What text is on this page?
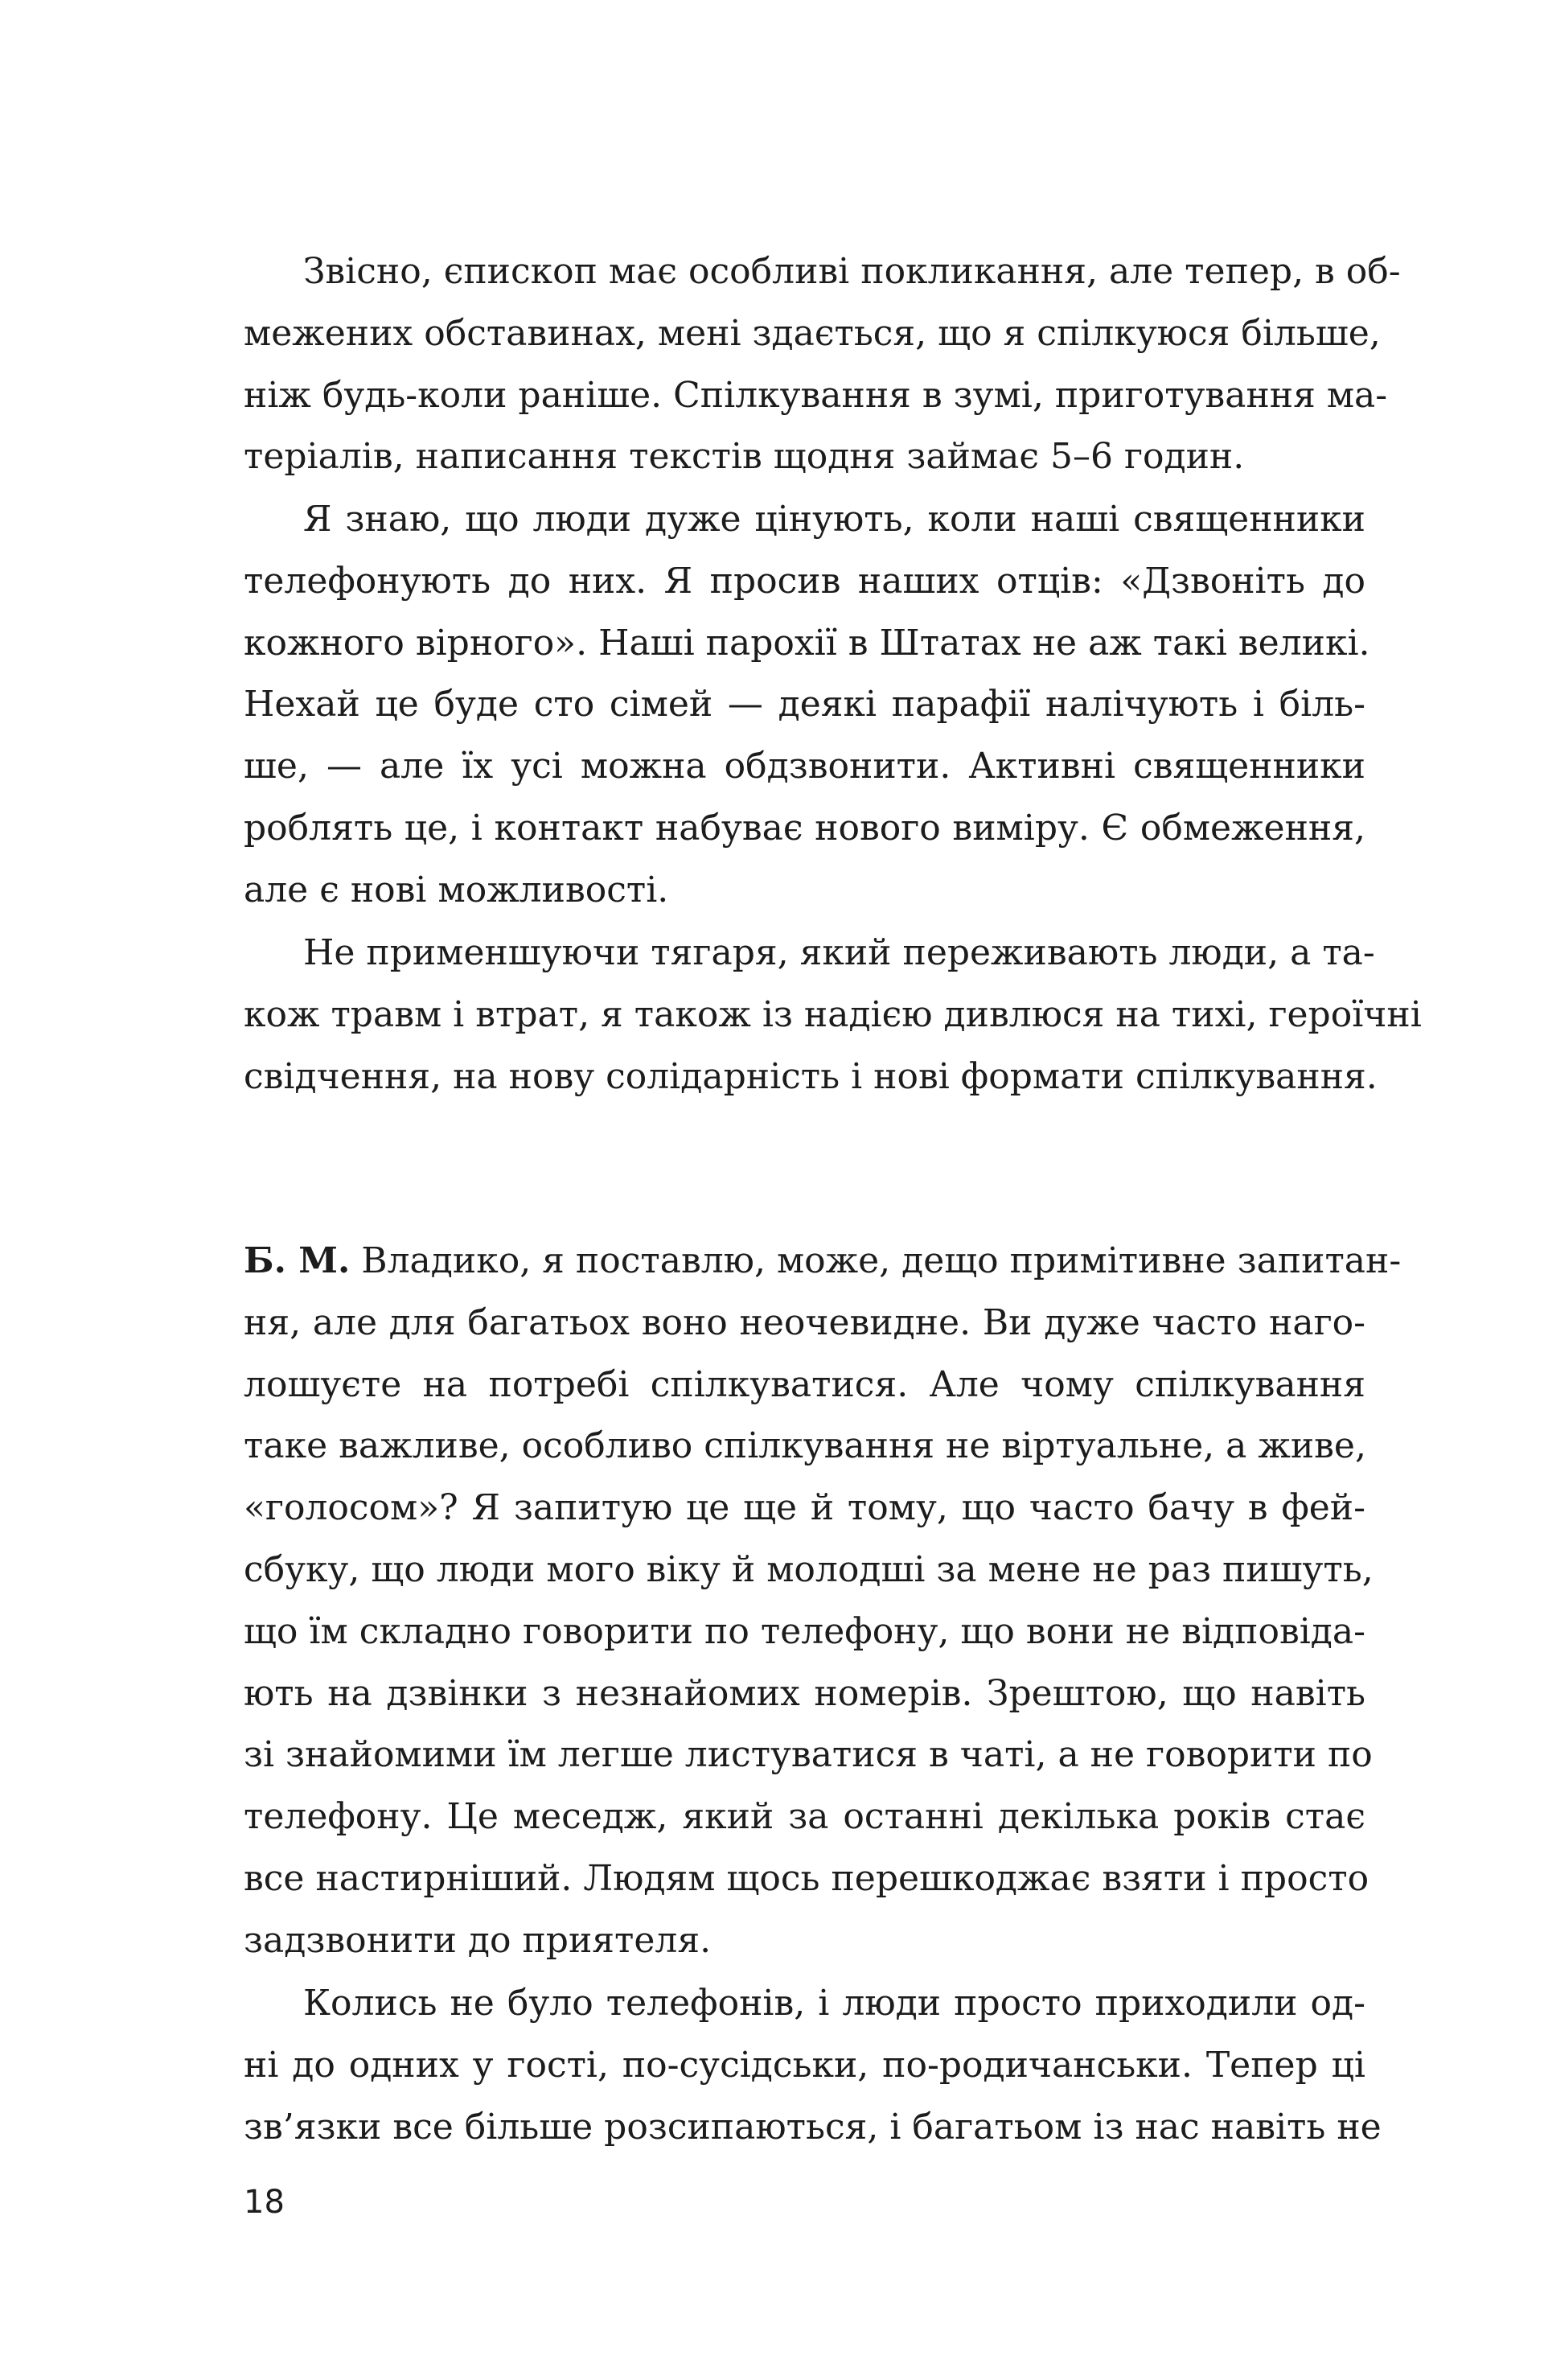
Звісно, єпископ має особливі покликання, але тепер, в об-
межених обставинах, мені здається, що я спілкуюся більше,
ніж будь-коли раніше. Спілкування в зумі, приготування ма-
теріалів, написання текстів щодня займає 5–6 годин.
Я знаю, що люди дуже цінують, коли наші священники
телефонують до них. Я просив наших отців: «Дзвоніть до
кожного вірного». Наші парохії в Штатах не аж такі великі.
Нехай це буде сто сімей — деякі парафії налічують і біль-
ше, — але їх усі можна обдзвонити. Активні священники
роблять це, і контакт набуває нового виміру. Є обмеження,
але є нові можливості.
Не применшуючи тягаря, який переживають люди, а та-
кож травм і втрат, я також із надією дивлюся на тихі, героїчні
свідчення, на нову солідарність і нові формати спілкування.
Б. М. Владико, я поставлю, може, дещо примітивне запитан-
ня, але для багатьох воно неочевидне. Ви дуже часто наго-
лошуєте на потребі спілкуватися. Але чому спілкування
таке важливе, особливо спілкування не віртуальне, а живе,
«голосом»? Я запитую це ще й тому, що часто бачу в фей-
сбуку, що люди мого віку й молодші за мене не раз пишуть,
що їм складно говорити по телефону, що вони не відповіда-
ють на дзвінки з незнайомих номерів. Зрештою, що навіть
зі знайомими їм легше листуватися в чаті, а не говорити по
телефону. Це меседж, який за останні декілька років стає
все настирніший. Людям щось перешкоджає взяти і просто
задзвонити до приятеля.
Колись не було телефонів, і люди просто приходили од-
ні до одних у гості, по-сусідськи, по-родичанськи. Тепер ці
зв’язки все більше розсипаються, і багатьом із нас навіть не
18
